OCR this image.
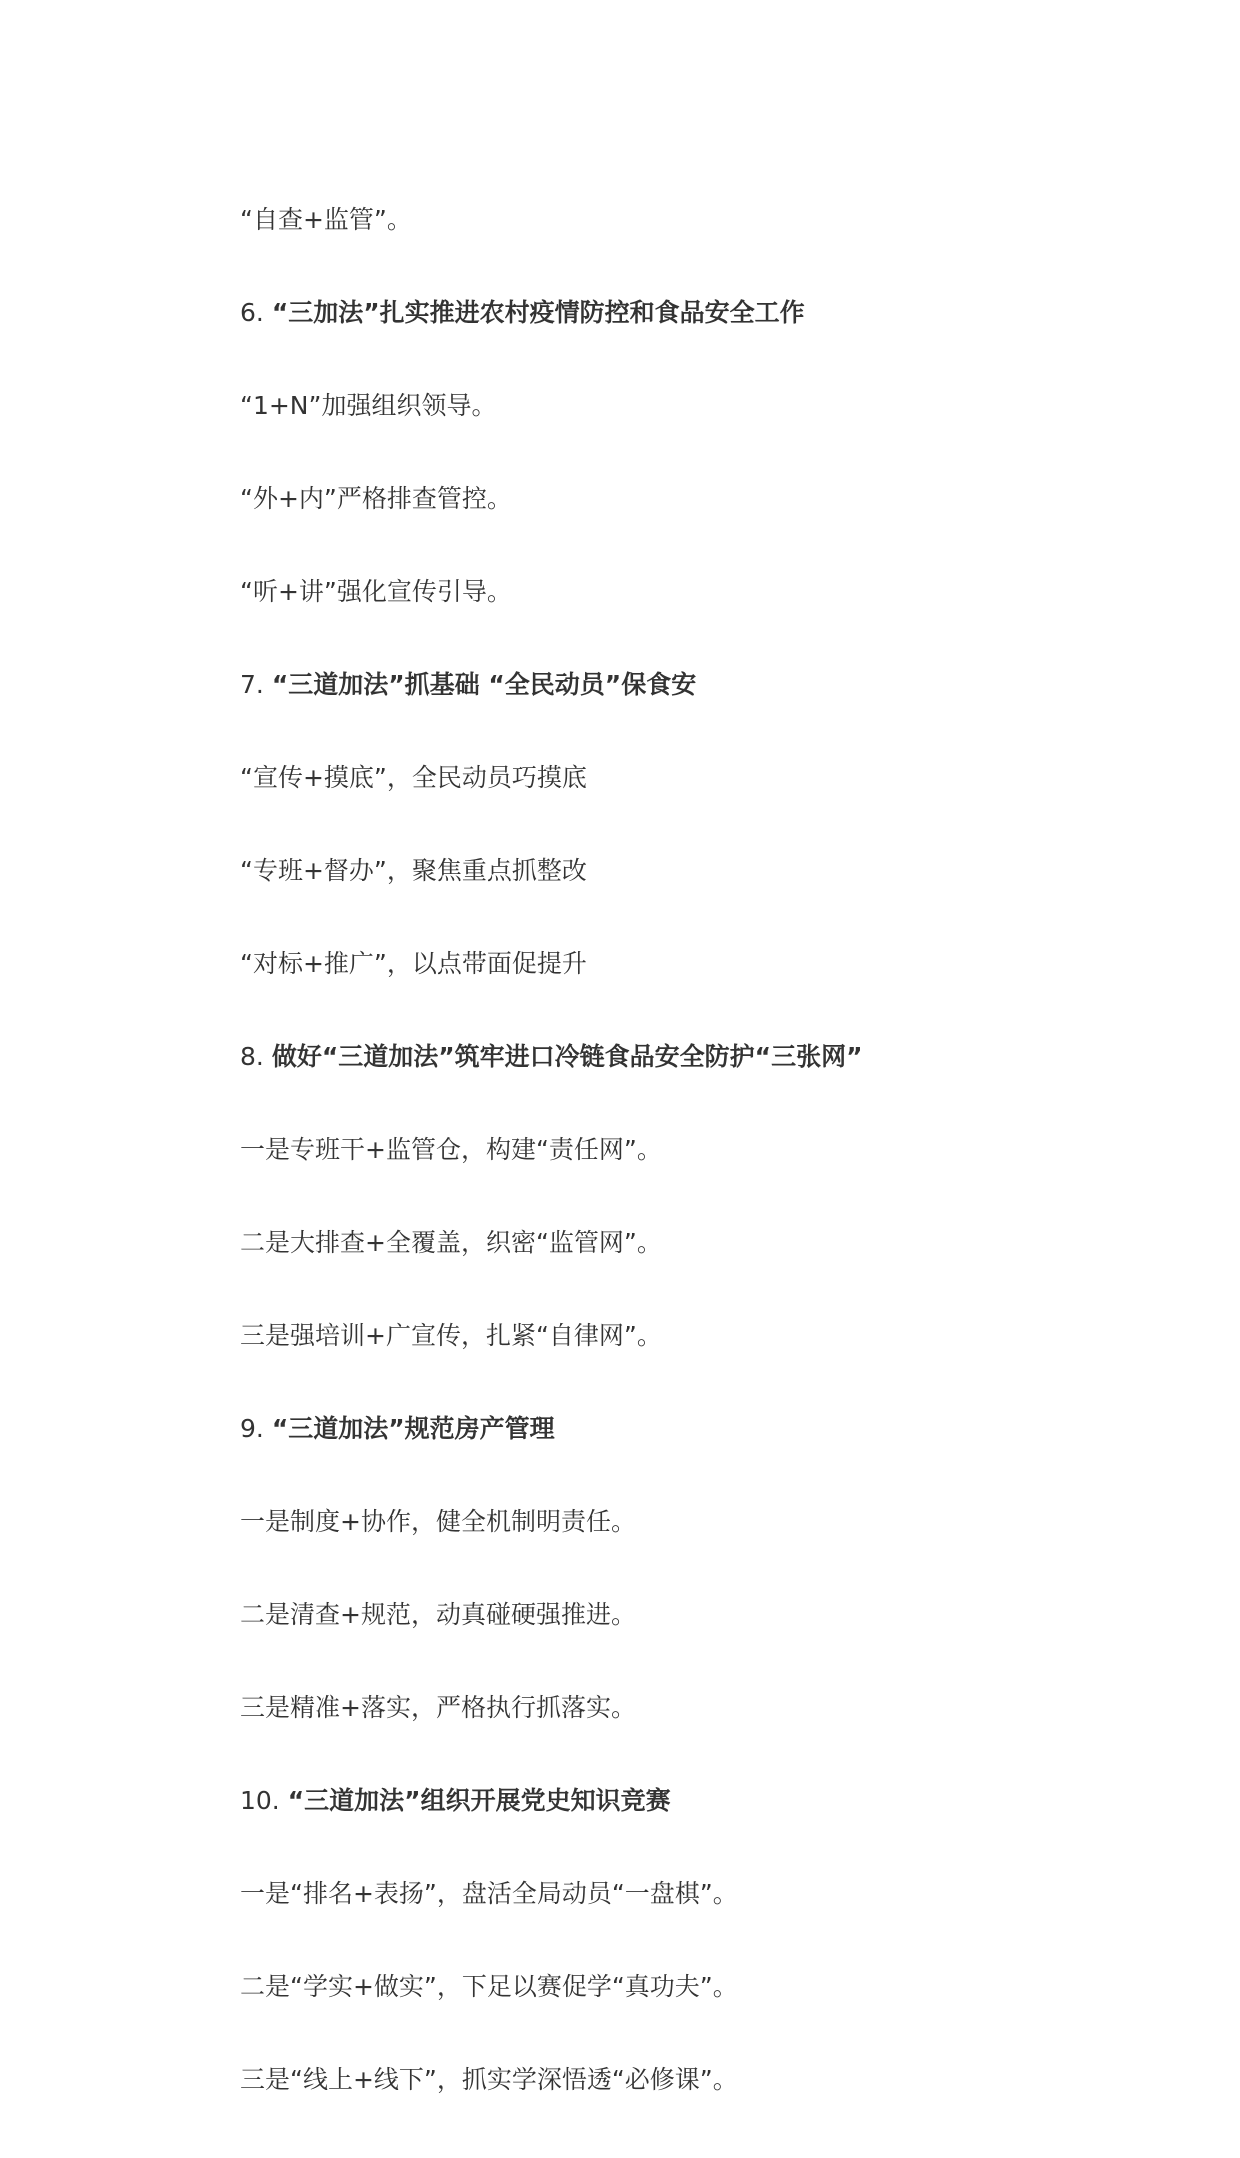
“自查+监管”。

6. “三加法”扎实推进农村疫情防控和食品安全工作

“1+N”加强组织领导。

“外+内”严格排查管控。

“听+讲”强化宣传引导。

7. “三道加法”抓基础 “全民动员”保食安

“宣传+摸底”，全民动员巧摸底

“专班+督办”，聚焦重点抓整改

“对标+推广”，以点带面促提升

8. 做好“三道加法”筑牢进口冷链食品安全防护“三张网”

一是专班干+监管仓，构建“责任网”。

二是大排查+全覆盖，织密“监管网”。

三是强培训+广宣传，扎紧“自律网”。

9. “三道加法”规范房产管理

一是制度+协作，健全机制明责任。

二是清查+规范，动真碰硬强推进。

三是精准+落实，严格执行抓落实。

10. “三道加法”组织开展党史知识竞赛

一是“排名+表扬”，盘活全局动员“一盘棋”。

二是“学实+做实”，下足以赛促学“真功夫”。

三是“线上+线下”，抓实学深悟透“必修课”。
